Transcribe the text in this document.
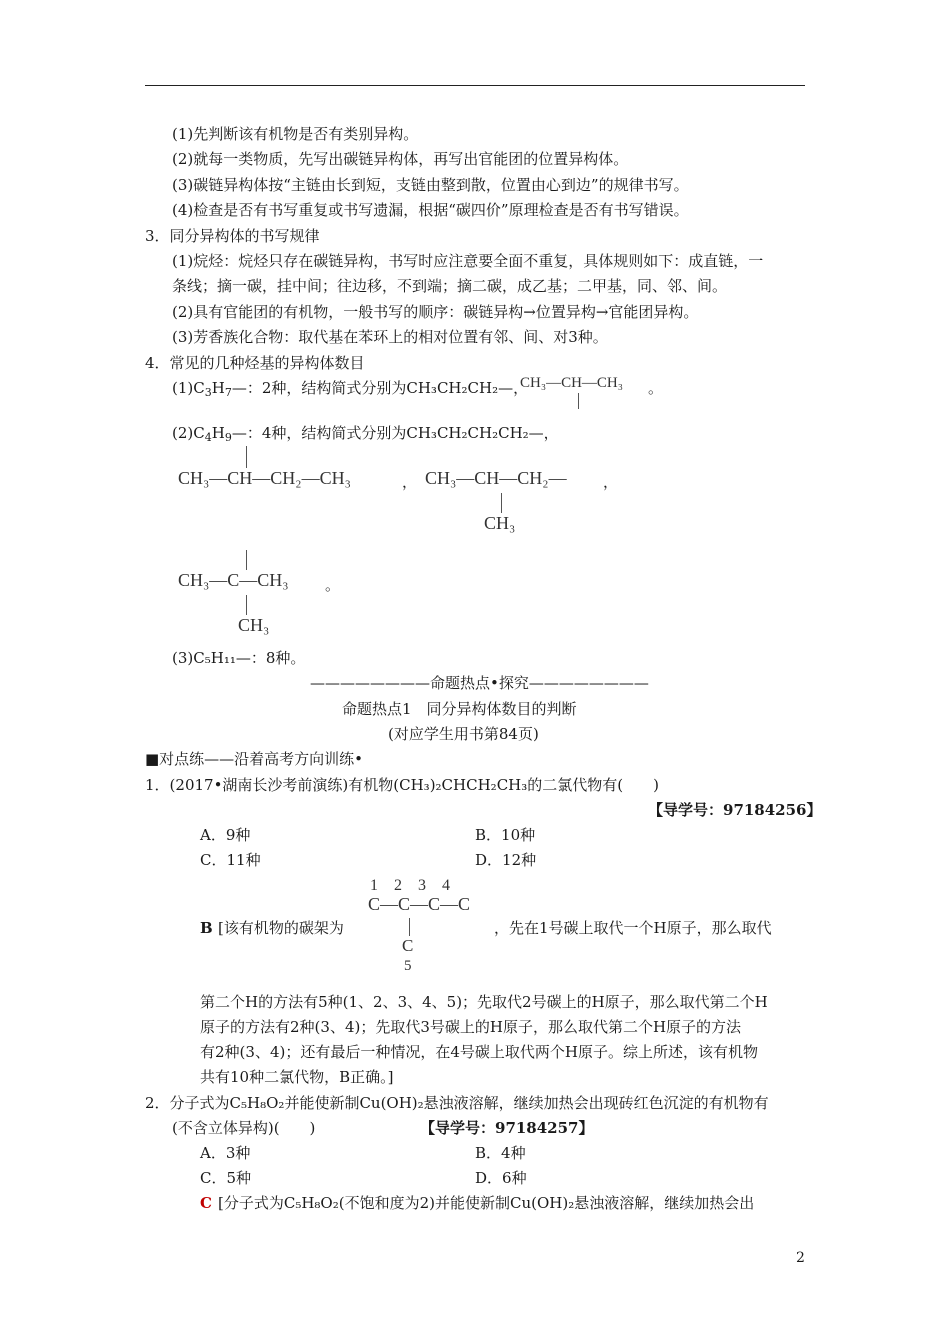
(1)先判断该有机物是否有类别异构。
(2)就每一类物质，先写出碳链异构体，再写出官能团的位置异构体。
(3)碳链异构体按“主链由长到短，支链由整到散，位置由心到边”的规律书写。
(4)检查是否有书写重复或书写遗漏，根据“碳四价”原理检查是否有书写错误。
3．同分异构体的书写规律
(1)烷烃：烷烃只存在碳链异构，书写时应注意要全面不重复，具体规则如下：成直链，一
条线；摘一碳，挂中间；往边移，不到端；摘二碳，成乙基；二甲基，同、邻、间。
(2)具有官能团的有机物，一般书写的顺序：碳链异构→位置异构→官能团异构。
(3)芳香族化合物：取代基在苯环上的相对位置有邻、间、对3种。
4．常见的几种烃基的异构体数目
$(1)C_3H_7—$：2种，结构简式分别为CH₃CH₂CH₂—，
CH₃—CH—CH₃ 。
$(2)C_4H_9—$：4种，结构简式分别为CH₃CH₂CH₂CH₂—，
CH₃—CH—CH₂—CH₃	， CH₃—CH—CH₂— ，
CH₃
CH₃—C—CH₃ 。
CH₃
(3)C₅H₁₁—：8种。
————————命题热点•探究————————
命题热点1　同分异构体数目的判断
(对应学生用书第84页)
■对点练——沿着高考方向训练•
1．(2017•湖南长沙考前演练)有机物(CH₃)₂CHCH₂CH₃的二氯代物有(　　)
【导学号：97184256】
A．9种	B．10种
C．11种	D．12种
1　2　3　4
C—C—C—C
C
5
B [该有机物的碳架为	，先在1号碳上取代一个H原子，那么取代
第二个H的方法有5种(1、2、3、4、5)；先取代2号碳上的H原子，那么取代第二个H
原子的方法有2种(3、4)；先取代3号碳上的H原子，那么取代第二个H原子的方法
有2种(3、4)；还有最后一种情况，在4号碳上取代两个H原子。综上所述，该有机物
共有10种二氯代物，B正确。]
2．分子式为C₅H₈O₂并能使新制Cu(OH)₂悬浊液溶解，继续加热会出现砖红色沉淀的有机物有
(不含立体异构)(　　)	【导学号：97184257】
A．3种	B．4种
C．5种	D．6种
C [分子式为C₅H₈O₂(不饱和度为2)并能使新制Cu(OH)₂悬浊液溶解，继续加热会出
2
